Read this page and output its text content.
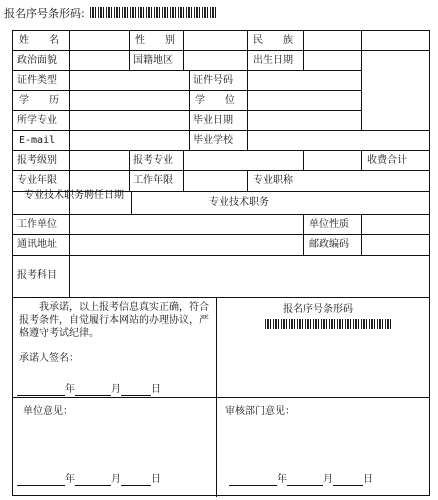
报名序号条形码:
姓　　名	性　　别	民　　族
政治面貌	国籍地区	出生日期
证件类型	证件号码
学　　历	学　　位
所学专业	毕业日期
E-mail	毕业学校
报考级别	报考专业	收费合计
专业年限	工作年限	专业职称
专业技术职务聘任日期
专业技术职务
工作单位	单位性质
通讯地址	邮政编码
报考科目
我承诺，以上报考信息真实正确，符合报考条件，自觉履行本网站的办理协议，严格遵守考试纪律。
承诺人签名：
年	月	日
报名序号条形码
单位意见：
年	月	日
审核部门意见：
年	月	日
